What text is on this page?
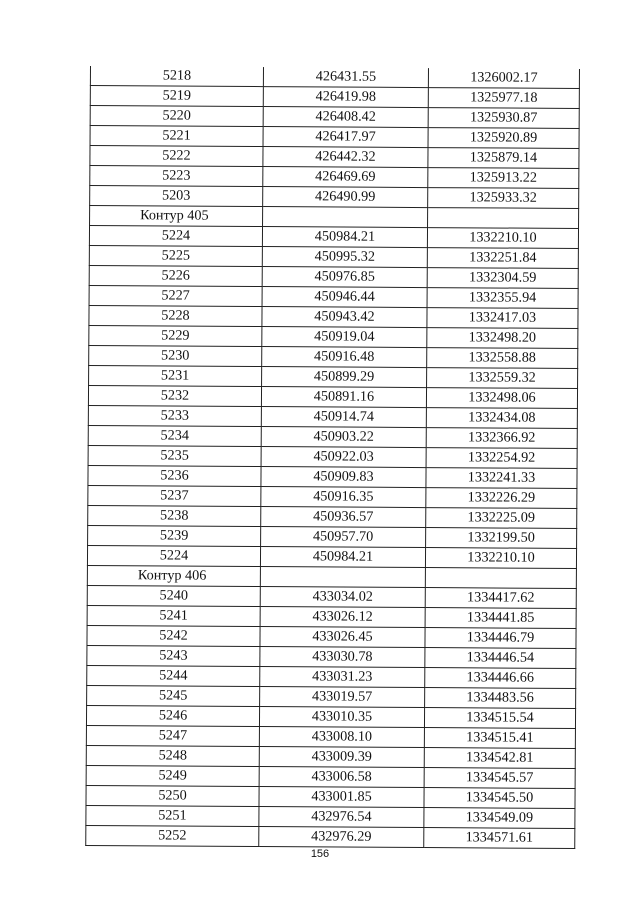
5218	426431.55	1326002.17
5219	426419.98	1325977.18
5220	426408.42	1325930.87
5221	426417.97	1325920.89
5222	426442.32	1325879.14
5223	426469.69	1325913.22
5203	426490.99	1325933.32
Контур 405		
5224	450984.21	1332210.10
5225	450995.32	1332251.84
5226	450976.85	1332304.59
5227	450946.44	1332355.94
5228	450943.42	1332417.03
5229	450919.04	1332498.20
5230	450916.48	1332558.88
5231	450899.29	1332559.32
5232	450891.16	1332498.06
5233	450914.74	1332434.08
5234	450903.22	1332366.92
5235	450922.03	1332254.92
5236	450909.83	1332241.33
5237	450916.35	1332226.29
5238	450936.57	1332225.09
5239	450957.70	1332199.50
5224	450984.21	1332210.10
Контур 406		
5240	433034.02	1334417.62
5241	433026.12	1334441.85
5242	433026.45	1334446.79
5243	433030.78	1334446.54
5244	433031.23	1334446.66
5245	433019.57	1334483.56
5246	433010.35	1334515.54
5247	433008.10	1334515.41
5248	433009.39	1334542.81
5249	433006.58	1334545.57
5250	433001.85	1334545.50
5251	432976.54	1334549.09
5252	432976.29	1334571.61
156
